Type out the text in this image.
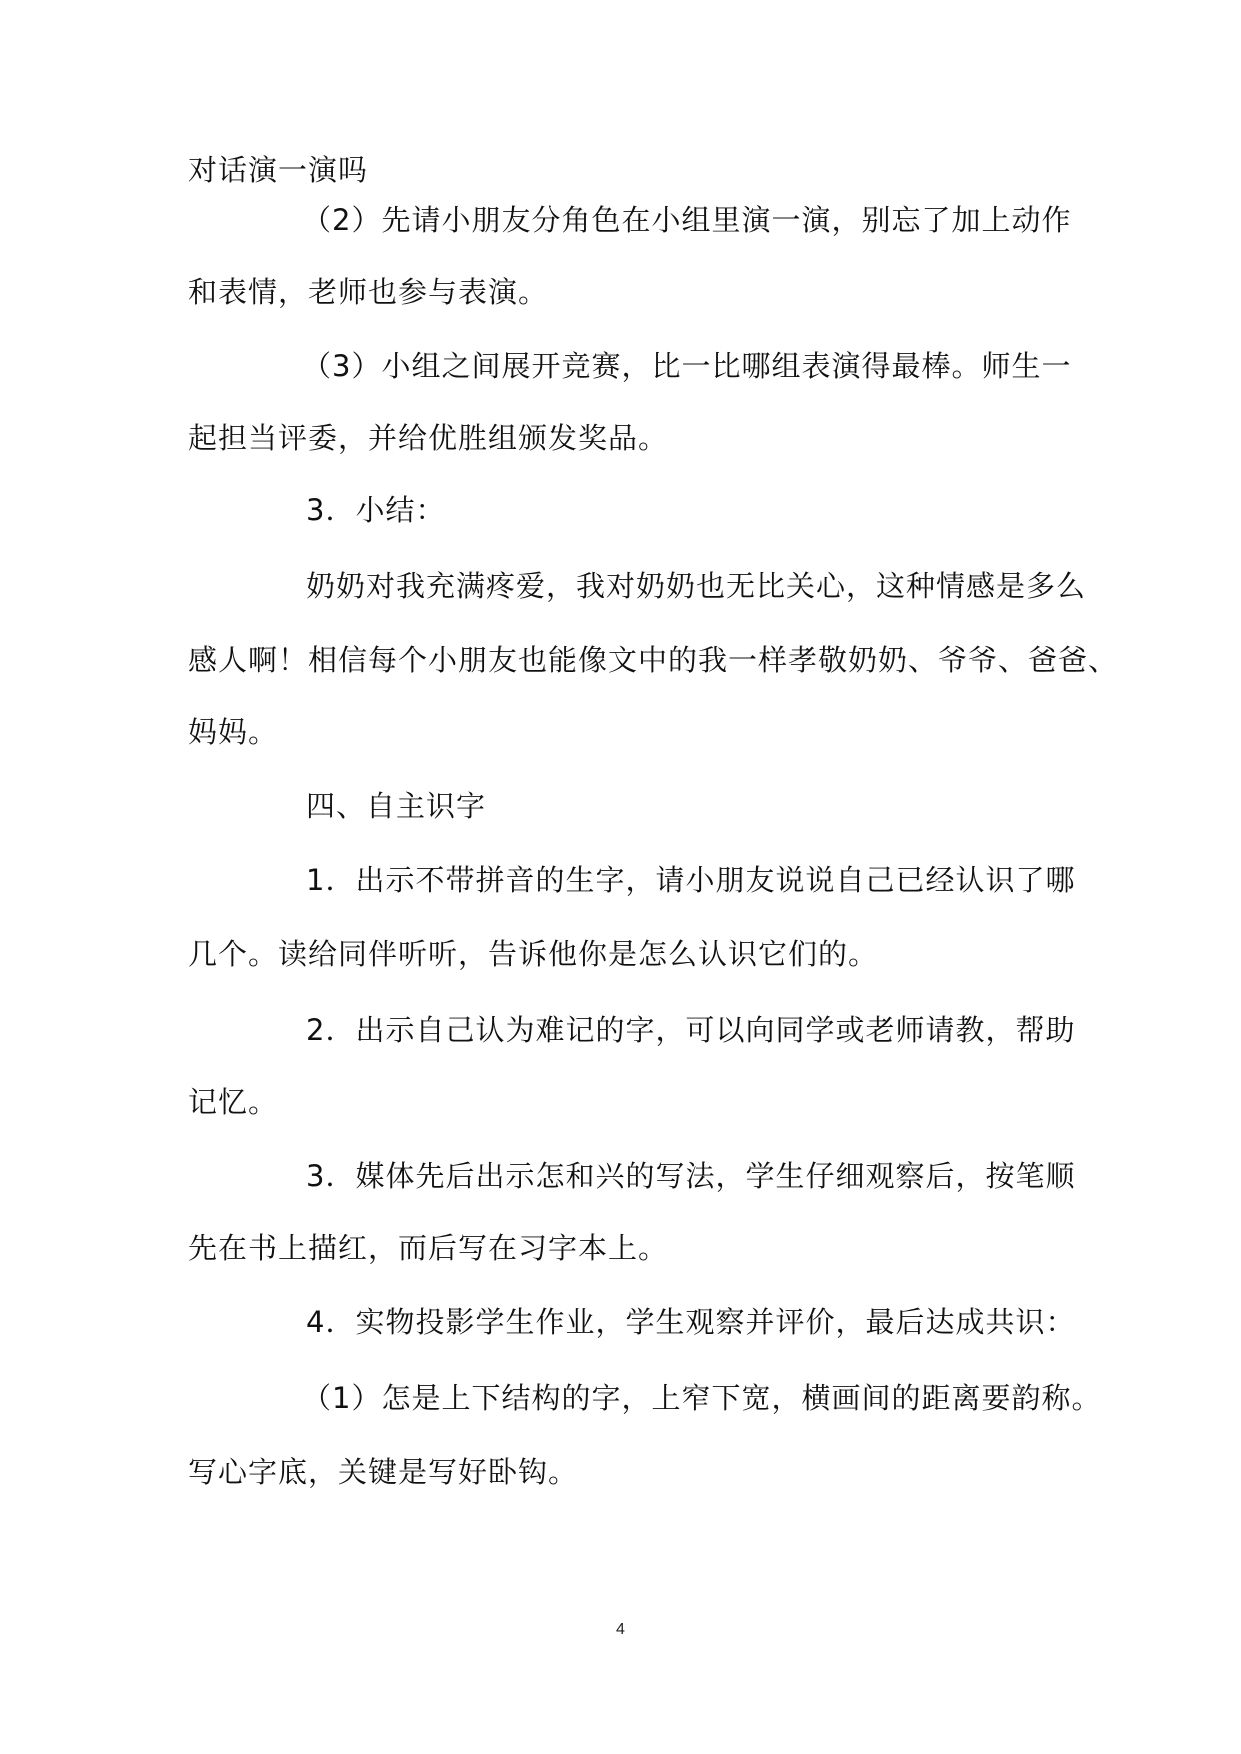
对话演一演吗
（2）先请小朋友分角色在小组里演一演，别忘了加上动作
和表情，老师也参与表演。
（3）小组之间展开竞赛，比一比哪组表演得最棒。师生一
起担当评委，并给优胜组颁发奖品。
3．小结：
奶奶对我充满疼爱，我对奶奶也无比关心，这种情感是多么
感人啊！相信每个小朋友也能像文中的我一样孝敬奶奶、爷爷、爸爸、
妈妈。
四、自主识字
1．出示不带拼音的生字，请小朋友说说自己已经认识了哪
几个。读给同伴听听，告诉他你是怎么认识它们的。
2．出示自己认为难记的字，可以向同学或老师请教，帮助
记忆。
3．媒体先后出示怎和兴的写法，学生仔细观察后，按笔顺
先在书上描红，而后写在习字本上。
4．实物投影学生作业，学生观察并评价，最后达成共识：
（1）怎是上下结构的字，上窄下宽，横画间的距离要韵称。
写心字底，关键是写好卧钩。
4
